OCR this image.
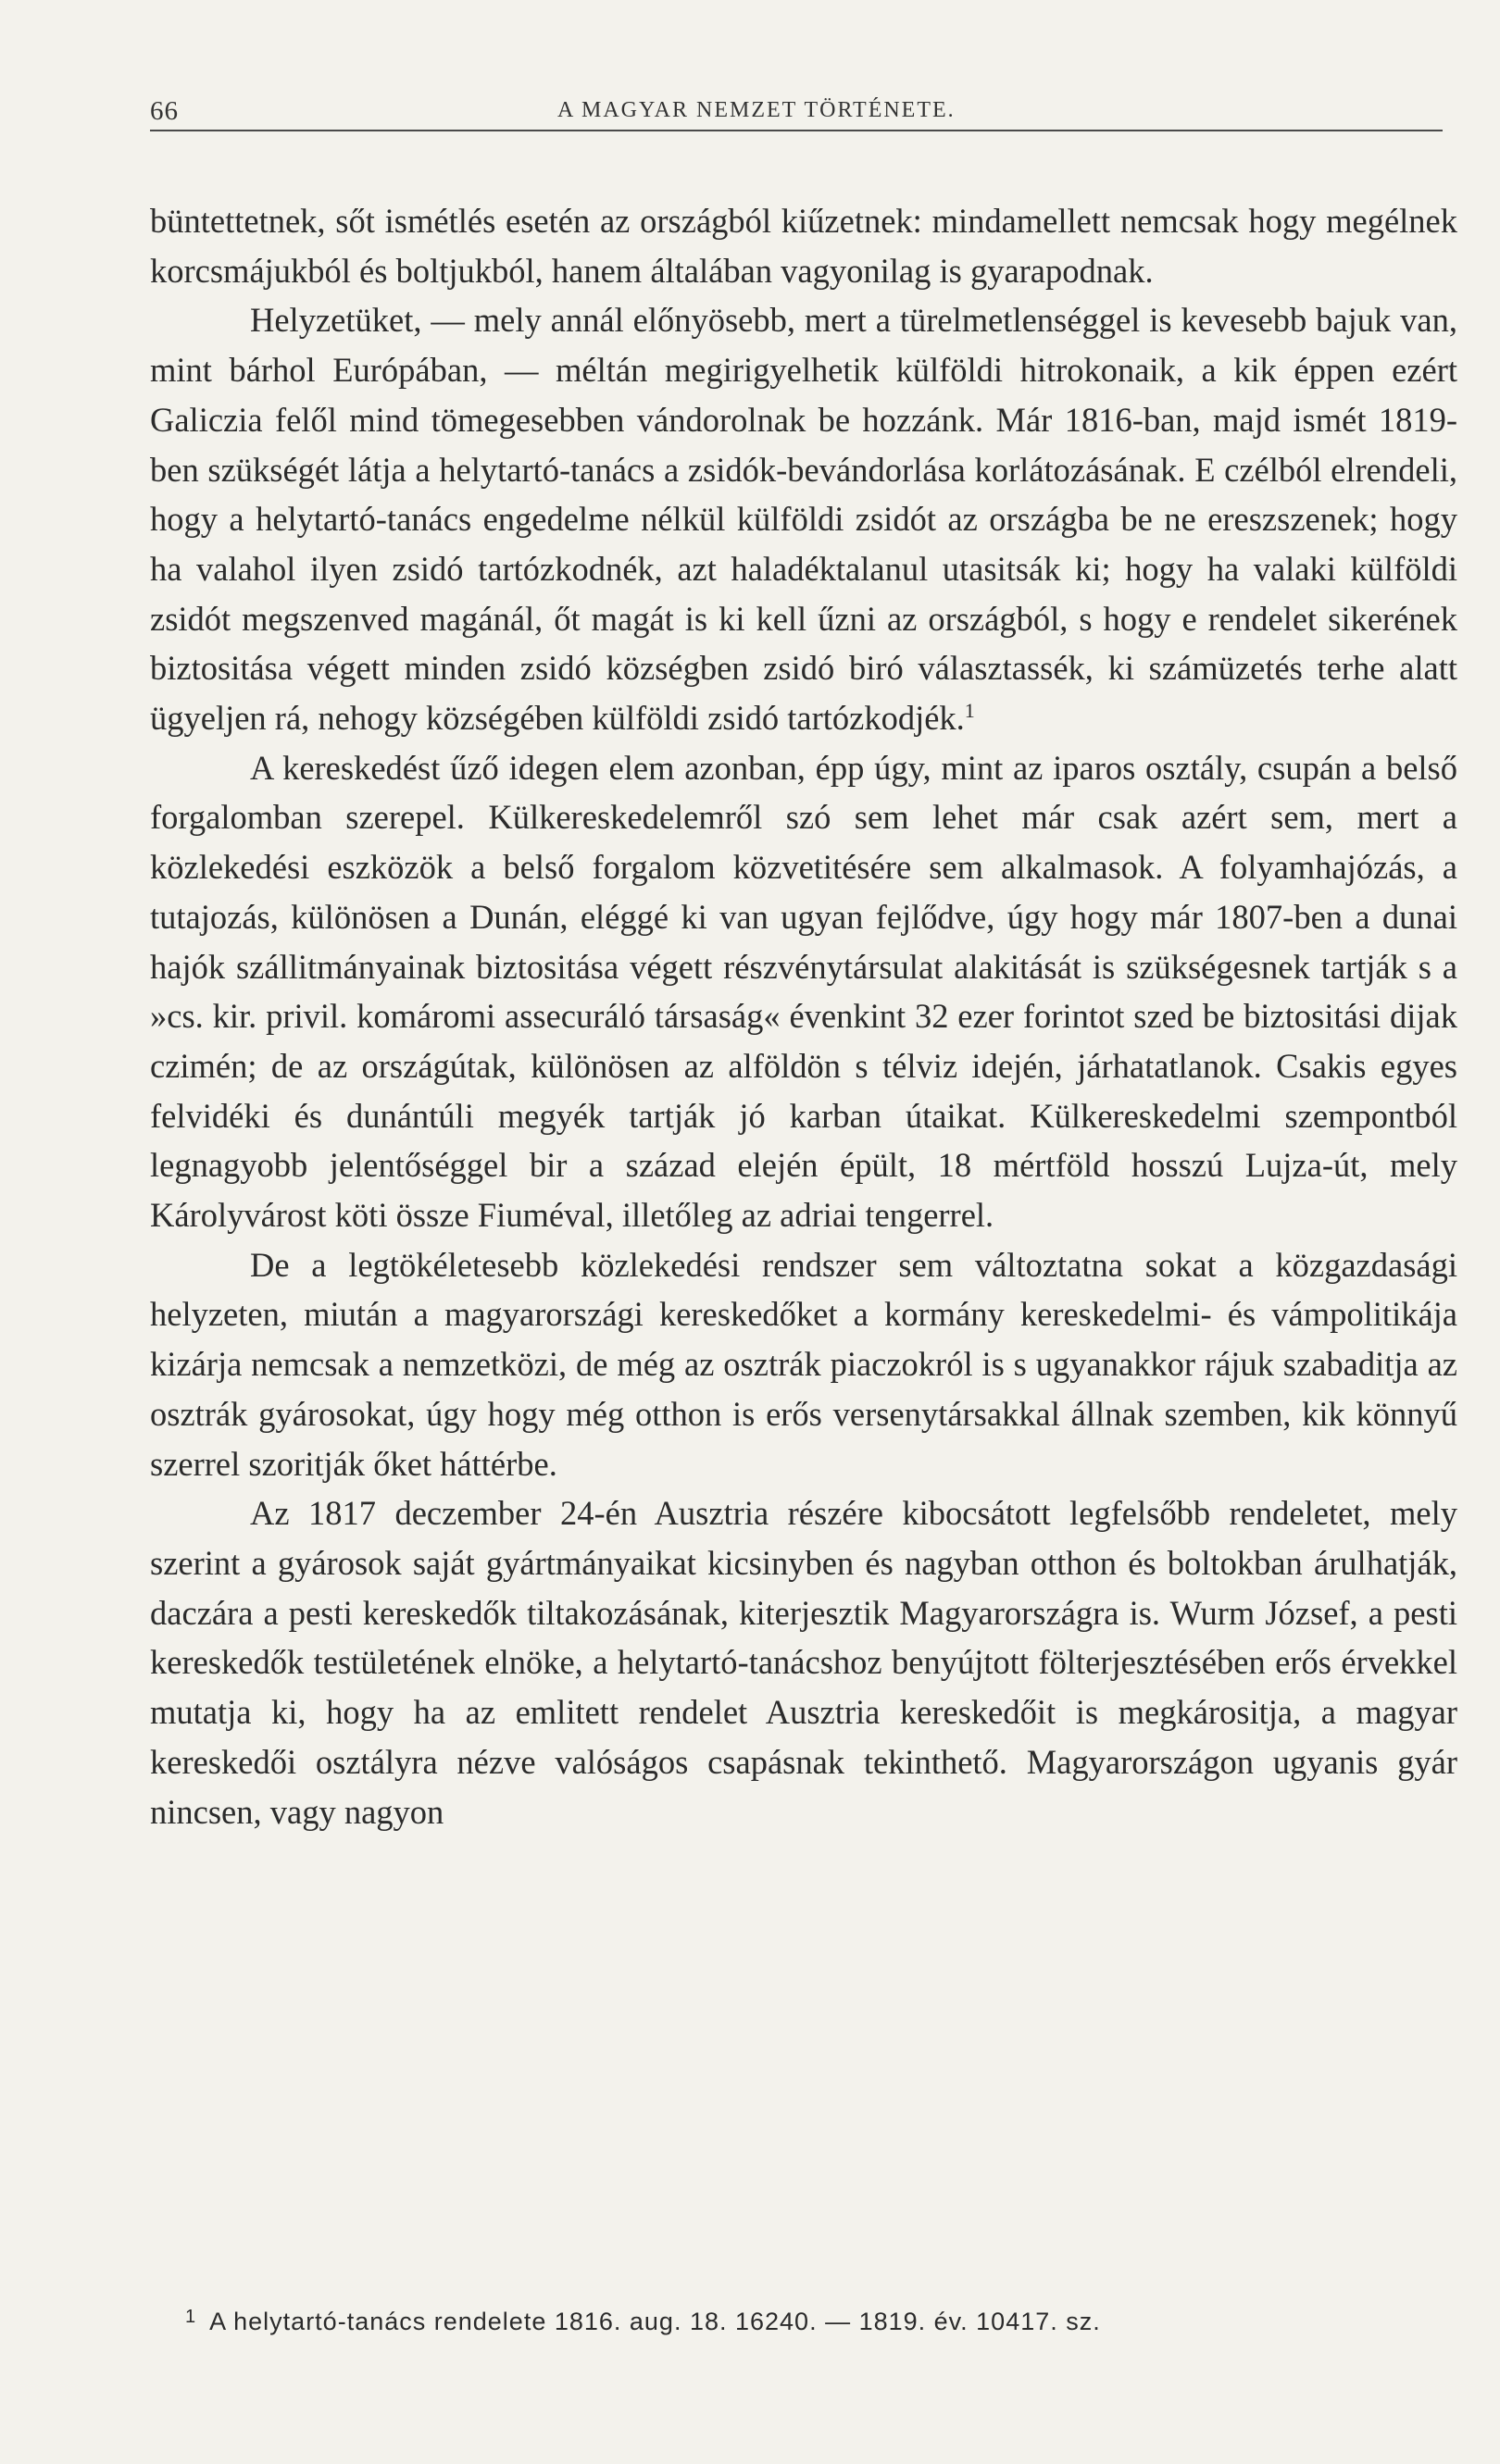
66	A MAGYAR NEMZET TÖRTÉNETE.

büntettetnek, sőt ismétlés esetén az országból kiűzetnek: mindamellett nemcsak hogy megélnek korcsmájukból és boltjukból, hanem általában vagyonilag is gyarapodnak.

Helyzetüket, — mely annál előnyösebb, mert a türelmetlenséggel is kevesebb bajuk van, mint bárhol Európában, — méltán megirigyelhetik külföldi hitrokonaik, a kik éppen ezért Galiczia felől mind tömegesebben vándorolnak be hozzánk. Már 1816-ban, majd ismét 1819-ben szükségét látja a helytartó-tanács a zsidók-bevándorlása korlátozásának. E czélból elrendeli, hogy a helytartó-tanács engedelme nélkül külföldi zsidót az országba be ne ereszszenek; hogy ha valahol ilyen zsidó tartózkodnék, azt haladéktalanul utasitsák ki; hogy ha valaki külföldi zsidót megszenved magánál, őt magát is ki kell űzni az országból, s hogy e rendelet sikerének biztositása végett minden zsidó községben zsidó biró választassék, ki számüzetés terhe alatt ügyeljen rá, nehogy községében külföldi zsidó tartózkodjék.$^1$

A kereskedést űző idegen elem azonban, épp úgy, mint az iparos osztály, csupán a belső forgalomban szerepel. Külkereskedelemről szó sem lehet már csak azért sem, mert a közlekedési eszközök a belső forgalom közvetitésére sem alkalmasok. A folyamhajózás, a tutajozás, különösen a Dunán, eléggé ki van ugyan fejlődve, úgy hogy már 1807-ben a dunai hajók szállitmányainak biztositása végett részvénytársulat alakitását is szükségesnek tartják s a »cs. kir. privil. komáromi assecuráló társaság« évenkint 32 ezer forintot szed be biztositási dijak czimén; de az országútak, különösen az alföldön s télviz idején, járhatatlanok. Csakis egyes felvidéki és dunántúli megyék tartják jó karban útaikat. Külkereskedelmi szempontból legnagyobb jelentőséggel bir a század elején épült, 18 mértföld hosszú Lujza-út, mely Károlyvárost köti össze Fiuméval, illetőleg az adriai tengerrel.

De a legtökéletesebb közlekedési rendszer sem változtatna sokat a közgazdasági helyzeten, miután a magyarországi kereskedőket a kormány kereskedelmi- és vámpolitikája kizárja nemcsak a nemzetközi, de még az osztrák piaczokról is s ugyanakkor rájuk szabaditja az osztrák gyárosokat, úgy hogy még otthon is erős versenytársakkal állnak szemben, kik könnyű szerrel szoritják őket háttérbe.

Az 1817 deczember 24-én Ausztria részére kibocsátott legfelsőbb rendeletet, mely szerint a gyárosok saját gyártmányaikat kicsinyben és nagyban otthon és boltokban árulhatják, daczára a pesti kereskedők tiltakozásának, kiterjesztik Magyarországra is. Wurm József, a pesti kereskedők testületének elnöke, a helytartó-tanácshoz benyújtott fölterjesztésében erős érvekkel mutatja ki, hogy ha az emlitett rendelet Ausztria kereskedőit is megkárositja, a magyar kereskedői osztályra nézve valóságos csapásnak tekinthető. Magyarországon ugyanis gyár nincsen, vagy nagyon

$^1$ A helytartó-tanács rendelete 1816. aug. 18. 16240. — 1819. év. 10417. sz.
